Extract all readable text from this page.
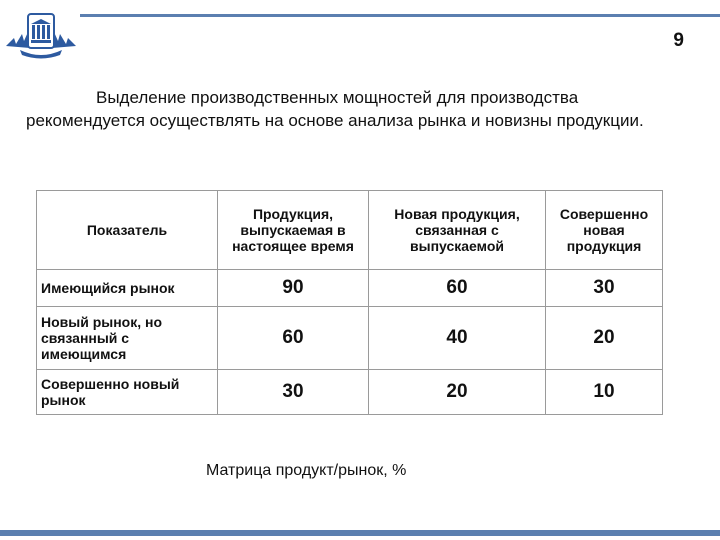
9
Выделение производственных мощностей для производства рекомендуется осуществлять на основе анализа рынка и новизны продукции.
Показатель	Продукция, выпускаемая в настоящее время	Новая продукция, связанная с выпускаемой	Совершенно новая продукция
Имеющийся рынок	90	60	30
Новый рынок, но связанный с имеющимся	60	40	20
Совершенно новый рынок	30	20	10
Матрица продукт/рынок, %
